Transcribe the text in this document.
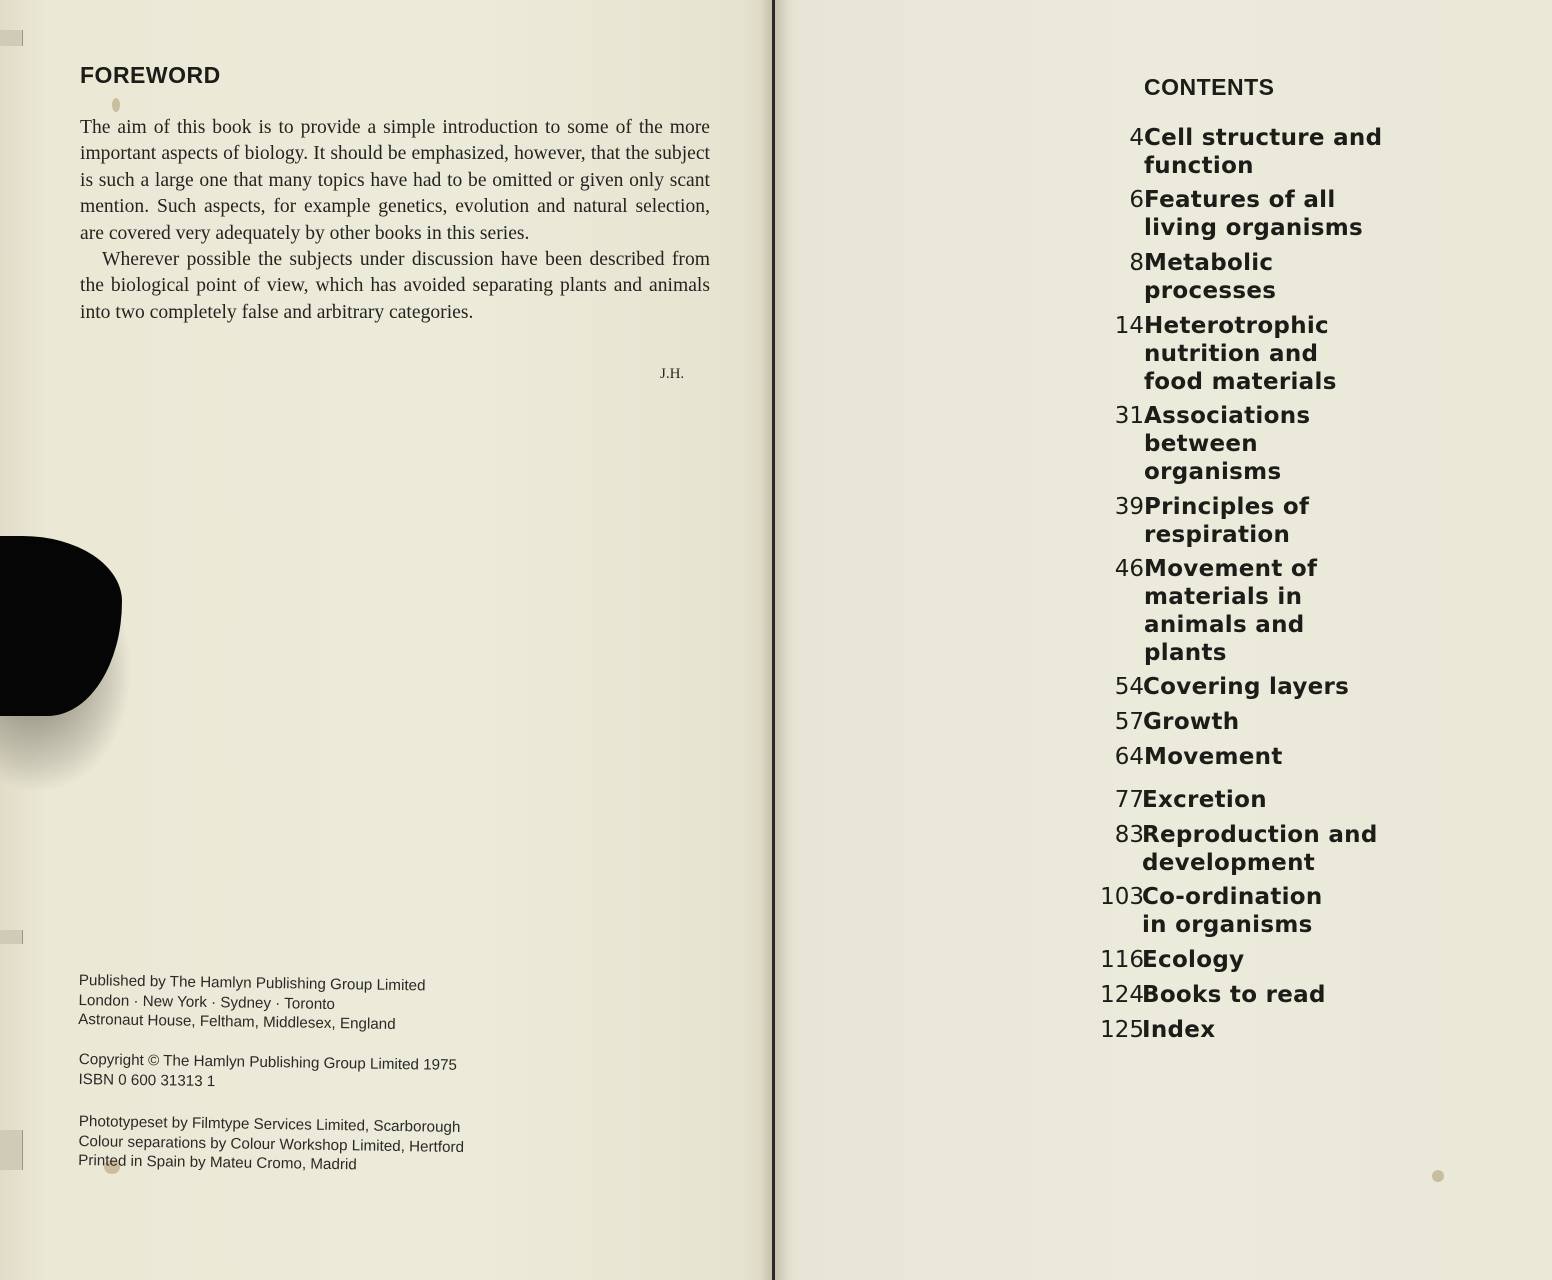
FOREWORD

The aim of this book is to provide a simple introduction to some of the more important aspects of biology. It should be emphasized, however, that the subject is such a large one that many topics have had to be omitted or given only scant mention. Such aspects, for example genetics, evolution and natural selection, are covered very adequately by other books in this series.

Wherever possible the subjects under discussion have been described from the biological point of view, which has avoided separating plants and animals into two completely false and arbitrary categories.

J.H.
Published by The Hamlyn Publishing Group Limited
London · New York · Sydney · Toronto
Astronaut House, Feltham, Middlesex, England
Copyright © The Hamlyn Publishing Group Limited 1975
ISBN 0 600 31313 1
Phototypeset by Filmtype Services Limited, Scarborough
Colour separations by Colour Workshop Limited, Hertford
Printed in Spain by Mateu Cromo, Madrid
CONTENTS
4 Cell structure and function
6 Features of all living organisms
8 Metabolic processes
14 Heterotrophic nutrition and food materials
31 Associations between organisms
39 Principles of respiration
46 Movement of materials in animals and plants
54 Covering layers
57 Growth
64 Movement
77
Excretion
83
Reproduction and development
103
Co-ordination in organisms
116
Ecology
124
Books to read
125
Index
